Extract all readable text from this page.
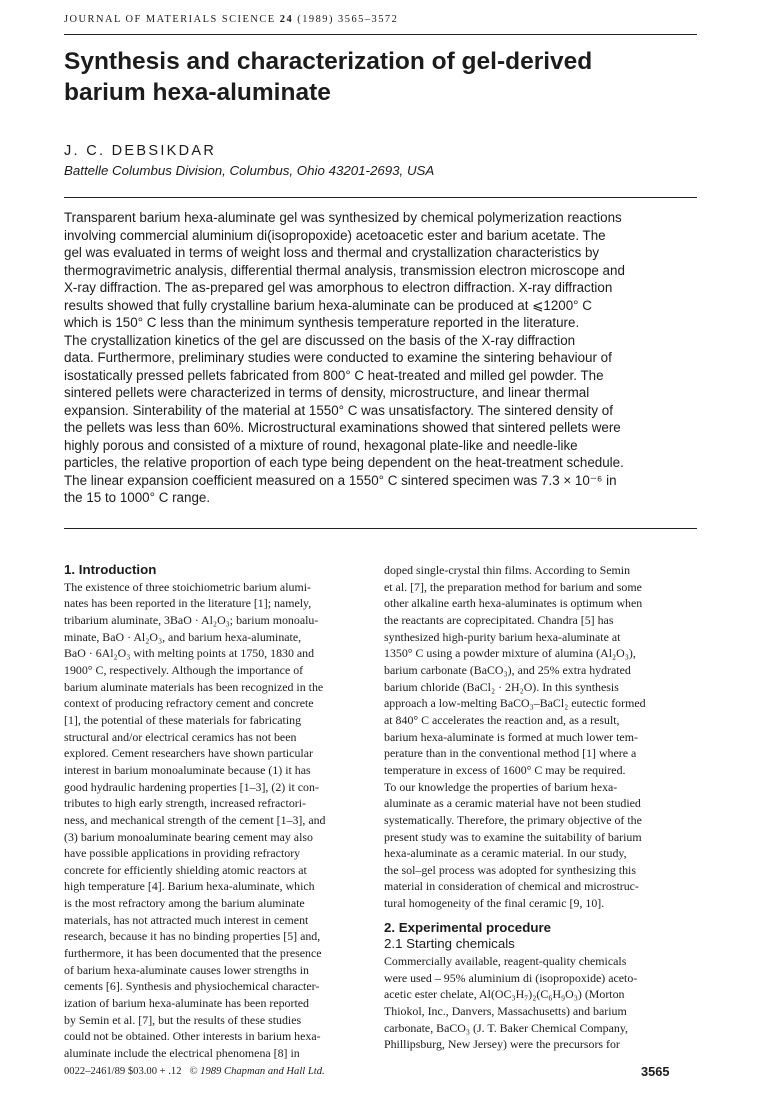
JOURNAL OF MATERIALS SCIENCE 24 (1989) 3565–3572
Synthesis and characterization of gel-derived
barium hexa-aluminate
J. C. DEBSIKDAR
Battelle Columbus Division, Columbus, Ohio 43201-2693, USA
Transparent barium hexa-aluminate gel was synthesized by chemical polymerization reactions
involving commercial aluminium di(isopropoxide) acetoacetic ester and barium acetate. The
gel was evaluated in terms of weight loss and thermal and crystallization characteristics by
thermogravimetric analysis, differential thermal analysis, transmission electron microscope and
X-ray diffraction. The as-prepared gel was amorphous to electron diffraction. X-ray diffraction
results showed that fully crystalline barium hexa-aluminate can be produced at ⩽1200° C
which is 150° C less than the minimum synthesis temperature reported in the literature.
The crystallization kinetics of the gel are discussed on the basis of the X-ray diffraction
data. Furthermore, preliminary studies were conducted to examine the sintering behaviour of
isostatically pressed pellets fabricated from 800° C heat-treated and milled gel powder. The
sintered pellets were characterized in terms of density, microstructure, and linear thermal
expansion. Sinterability of the material at 1550° C was unsatisfactory. The sintered density of
the pellets was less than 60%. Microstructural examinations showed that sintered pellets were
highly porous and consisted of a mixture of round, hexagonal plate-like and needle-like
particles, the relative proportion of each type being dependent on the heat-treatment schedule.
The linear expansion coefficient measured on a 1550° C sintered specimen was 7.3 × 10⁻⁶ in
the 15 to 1000° C range.
1. Introduction
The existence of three stoichiometric barium alumi-
nates has been reported in the literature [1]; namely,
tribarium aluminate, 3BaO · Al₂O₃; barium monoalu-
minate, BaO · Al₂O₃, and barium hexa-aluminate,
BaO · 6Al₂O₃ with melting points at 1750, 1830 and
1900° C, respectively. Although the importance of
barium aluminate materials has been recognized in the
context of producing refractory cement and concrete
[1], the potential of these materials for fabricating
structural and/or electrical ceramics has not been
explored. Cement researchers have shown particular
interest in barium monoaluminate because (1) it has
good hydraulic hardening properties [1–3], (2) it con-
tributes to high early strength, increased refractori-
ness, and mechanical strength of the cement [1–3], and
(3) barium monoaluminate bearing cement may also
have possible applications in providing refractory
concrete for efficiently shielding atomic reactors at
high temperature [4]. Barium hexa-aluminate, which
is the most refractory among the barium aluminate
materials, has not attracted much interest in cement
research, because it has no binding properties [5] and,
furthermore, it has been documented that the presence
of barium hexa-aluminate causes lower strengths in
cements [6]. Synthesis and physiochemical character-
ization of barium hexa-aluminate has been reported
by Semin et al. [7], but the results of these studies
could not be obtained. Other interests in barium hexa-
aluminate include the electrical phenomena [8] in
doped single-crystal thin films. According to Semin
et al. [7], the preparation method for barium and some
other alkaline earth hexa-aluminates is optimum when
the reactants are coprecipitated. Chandra [5] has
synthesized high-purity barium hexa-aluminate at
1350° C using a powder mixture of alumina (Al₂O₃),
barium carbonate (BaCO₃), and 25% extra hydrated
barium chloride (BaCl₂ · 2H₂O). In this synthesis
approach a low-melting BaCO₃–BaCl₂ eutectic formed
at 840° C accelerates the reaction and, as a result,
barium hexa-aluminate is formed at much lower tem-
perature than in the conventional method [1] where a
temperature in excess of 1600° C may be required.
To our knowledge the properties of barium hexa-
aluminate as a ceramic material have not been studied
systematically. Therefore, the primary objective of the
present study was to examine the suitability of barium
hexa-aluminate as a ceramic material. In our study,
the sol–gel process was adopted for synthesizing this
material in consideration of chemical and microstruc-
tural homogeneity of the final ceramic [9, 10].
2. Experimental procedure
2.1 Starting chemicals
Commercially available, reagent-quality chemicals
were used – 95% aluminium di (isopropoxide) aceto-
acetic ester chelate, Al(OC₃H₇)₂(C₆H₉O₃) (Morton
Thiokol, Inc., Danvers, Massachusetts) and barium
carbonate, BaCO₃ (J. T. Baker Chemical Company,
Phillipsburg, New Jersey) were the precursors for
0022–2461/89 $03.00 + .12 © 1989 Chapman and Hall Ltd.	3565
